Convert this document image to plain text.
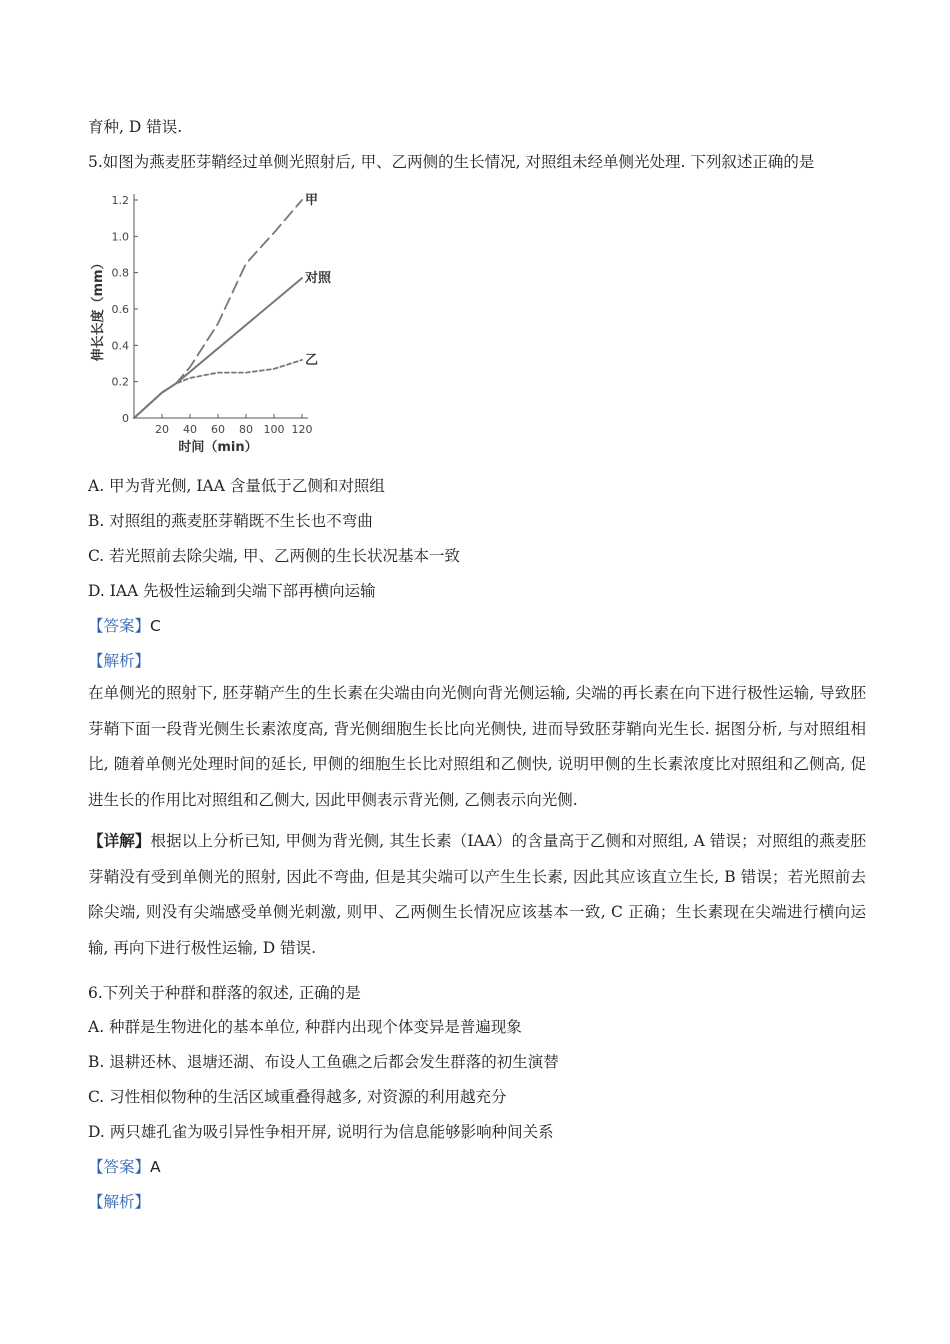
育种, D 错误.
5.如图为燕麦胚芽鞘经过单侧光照射后, 甲、乙两侧的生长情况, 对照组未经单侧光处理. 下列叙述正确的是
0
0.2
0.4
0.6
0.8
1.0
1.2
20 40 60 80 100 120
时间（min）
伸长长度（mm）
甲
对照
乙
A. 甲为背光侧, IAA 含量低于乙侧和对照组
B. 对照组的燕麦胚芽鞘既不生长也不弯曲
C. 若光照前去除尖端, 甲、乙两侧的生长状况基本一致
D. IAA 先极性运输到尖端下部再横向运输
【答案】C
【解析】
在单侧光的照射下, 胚芽鞘产生的生长素在尖端由向光侧向背光侧运输, 尖端的再长素在向下进行极性运输, 导致胚芽鞘下面一段背光侧生长素浓度高, 背光侧细胞生长比向光侧快, 进而导致胚芽鞘向光生长. 据图分析, 与对照组相比, 随着单侧光处理时间的延长, 甲侧的细胞生长比对照组和乙侧快, 说明甲侧的生长素浓度比对照组和乙侧高, 促进生长的作用比对照组和乙侧大, 因此甲侧表示背光侧, 乙侧表示向光侧.
【详解】根据以上分析已知, 甲侧为背光侧, 其生长素（IAA）的含量高于乙侧和对照组, A 错误；对照组的燕麦胚芽鞘没有受到单侧光的照射, 因此不弯曲, 但是其尖端可以产生生长素, 因此其应该直立生长, B 错误；若光照前去除尖端, 则没有尖端感受单侧光刺激, 则甲、乙两侧生长情况应该基本一致, C 正确；生长素现在尖端进行横向运输, 再向下进行极性运输, D 错误.
6.下列关于种群和群落的叙述, 正确的是
A. 种群是生物进化的基本单位, 种群内出现个体变异是普遍现象
B. 退耕还林、退塘还湖、布设人工鱼礁之后都会发生群落的初生演替
C. 习性相似物种的生活区域重叠得越多, 对资源的利用越充分
D. 两只雄孔雀为吸引异性争相开屏, 说明行为信息能够影响种间关系
【答案】A
【解析】
